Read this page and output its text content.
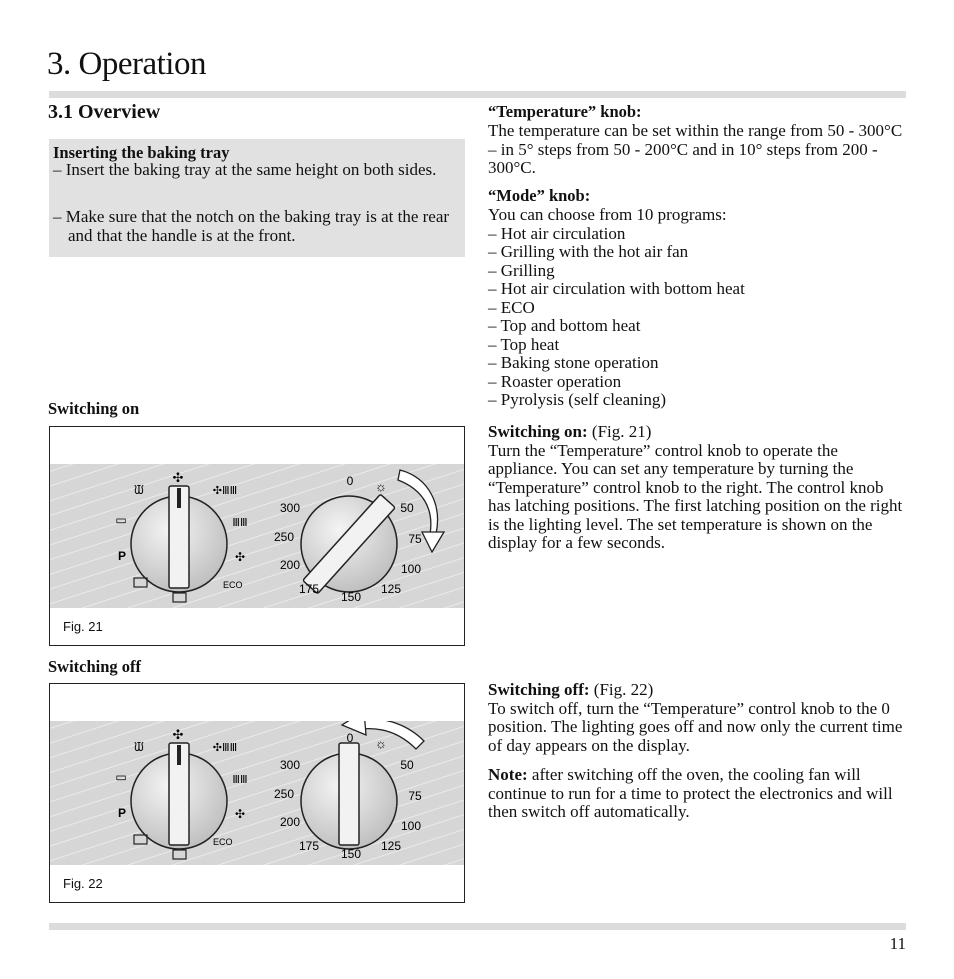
3. Operation
3.1 Overview
Inserting the baking tray
– Insert the baking tray at the same height on both sides.
– Make sure that the notch on the baking tray is at the rear and that the handle is at the front.
Switching on
ᙡ
✣
✣ⅢⅢ
▭	ⅢⅢ
P	✣
ECO
0 ☼
50
75
100
125
150
175
200
250
300
Fig. 21
Switching off
ᙡ
✣
✣ⅢⅢ
▭	ⅢⅢ
P	✣
ECO
0 ☼
50
75
100
125
150
175
200
250
300
Fig. 22
“Temperature” knob:
The temperature can be set within the range from 50 - 300°C – in 5° steps from 50 - 200°C and in 10° steps from 200 - 300°C.
“Mode” knob:
You can choose from 10 programs:
– Hot air circulation
– Grilling with the hot air fan
– Grilling
– Hot air circulation with bottom heat
– ECO
– Top and bottom heat
– Top heat
– Baking stone operation
– Roaster operation
– Pyrolysis (self cleaning)
Switching on: (Fig. 21)
Turn the “Temperature” control knob to operate the appliance. You can set any temperature by turning the “Temperature” control knob to the right. The control knob has latching positions. The first latching position on the right is the lighting level. The set temperature is shown on the display for a few seconds.
Switching off: (Fig. 22)
To switch off, turn the “Temperature” control knob to the 0 position. The lighting goes off and now only the current time of day appears on the display.
Note: after switching off the oven, the cooling fan will continue to run for a time to protect the electronics and will then switch off automatically.
11
